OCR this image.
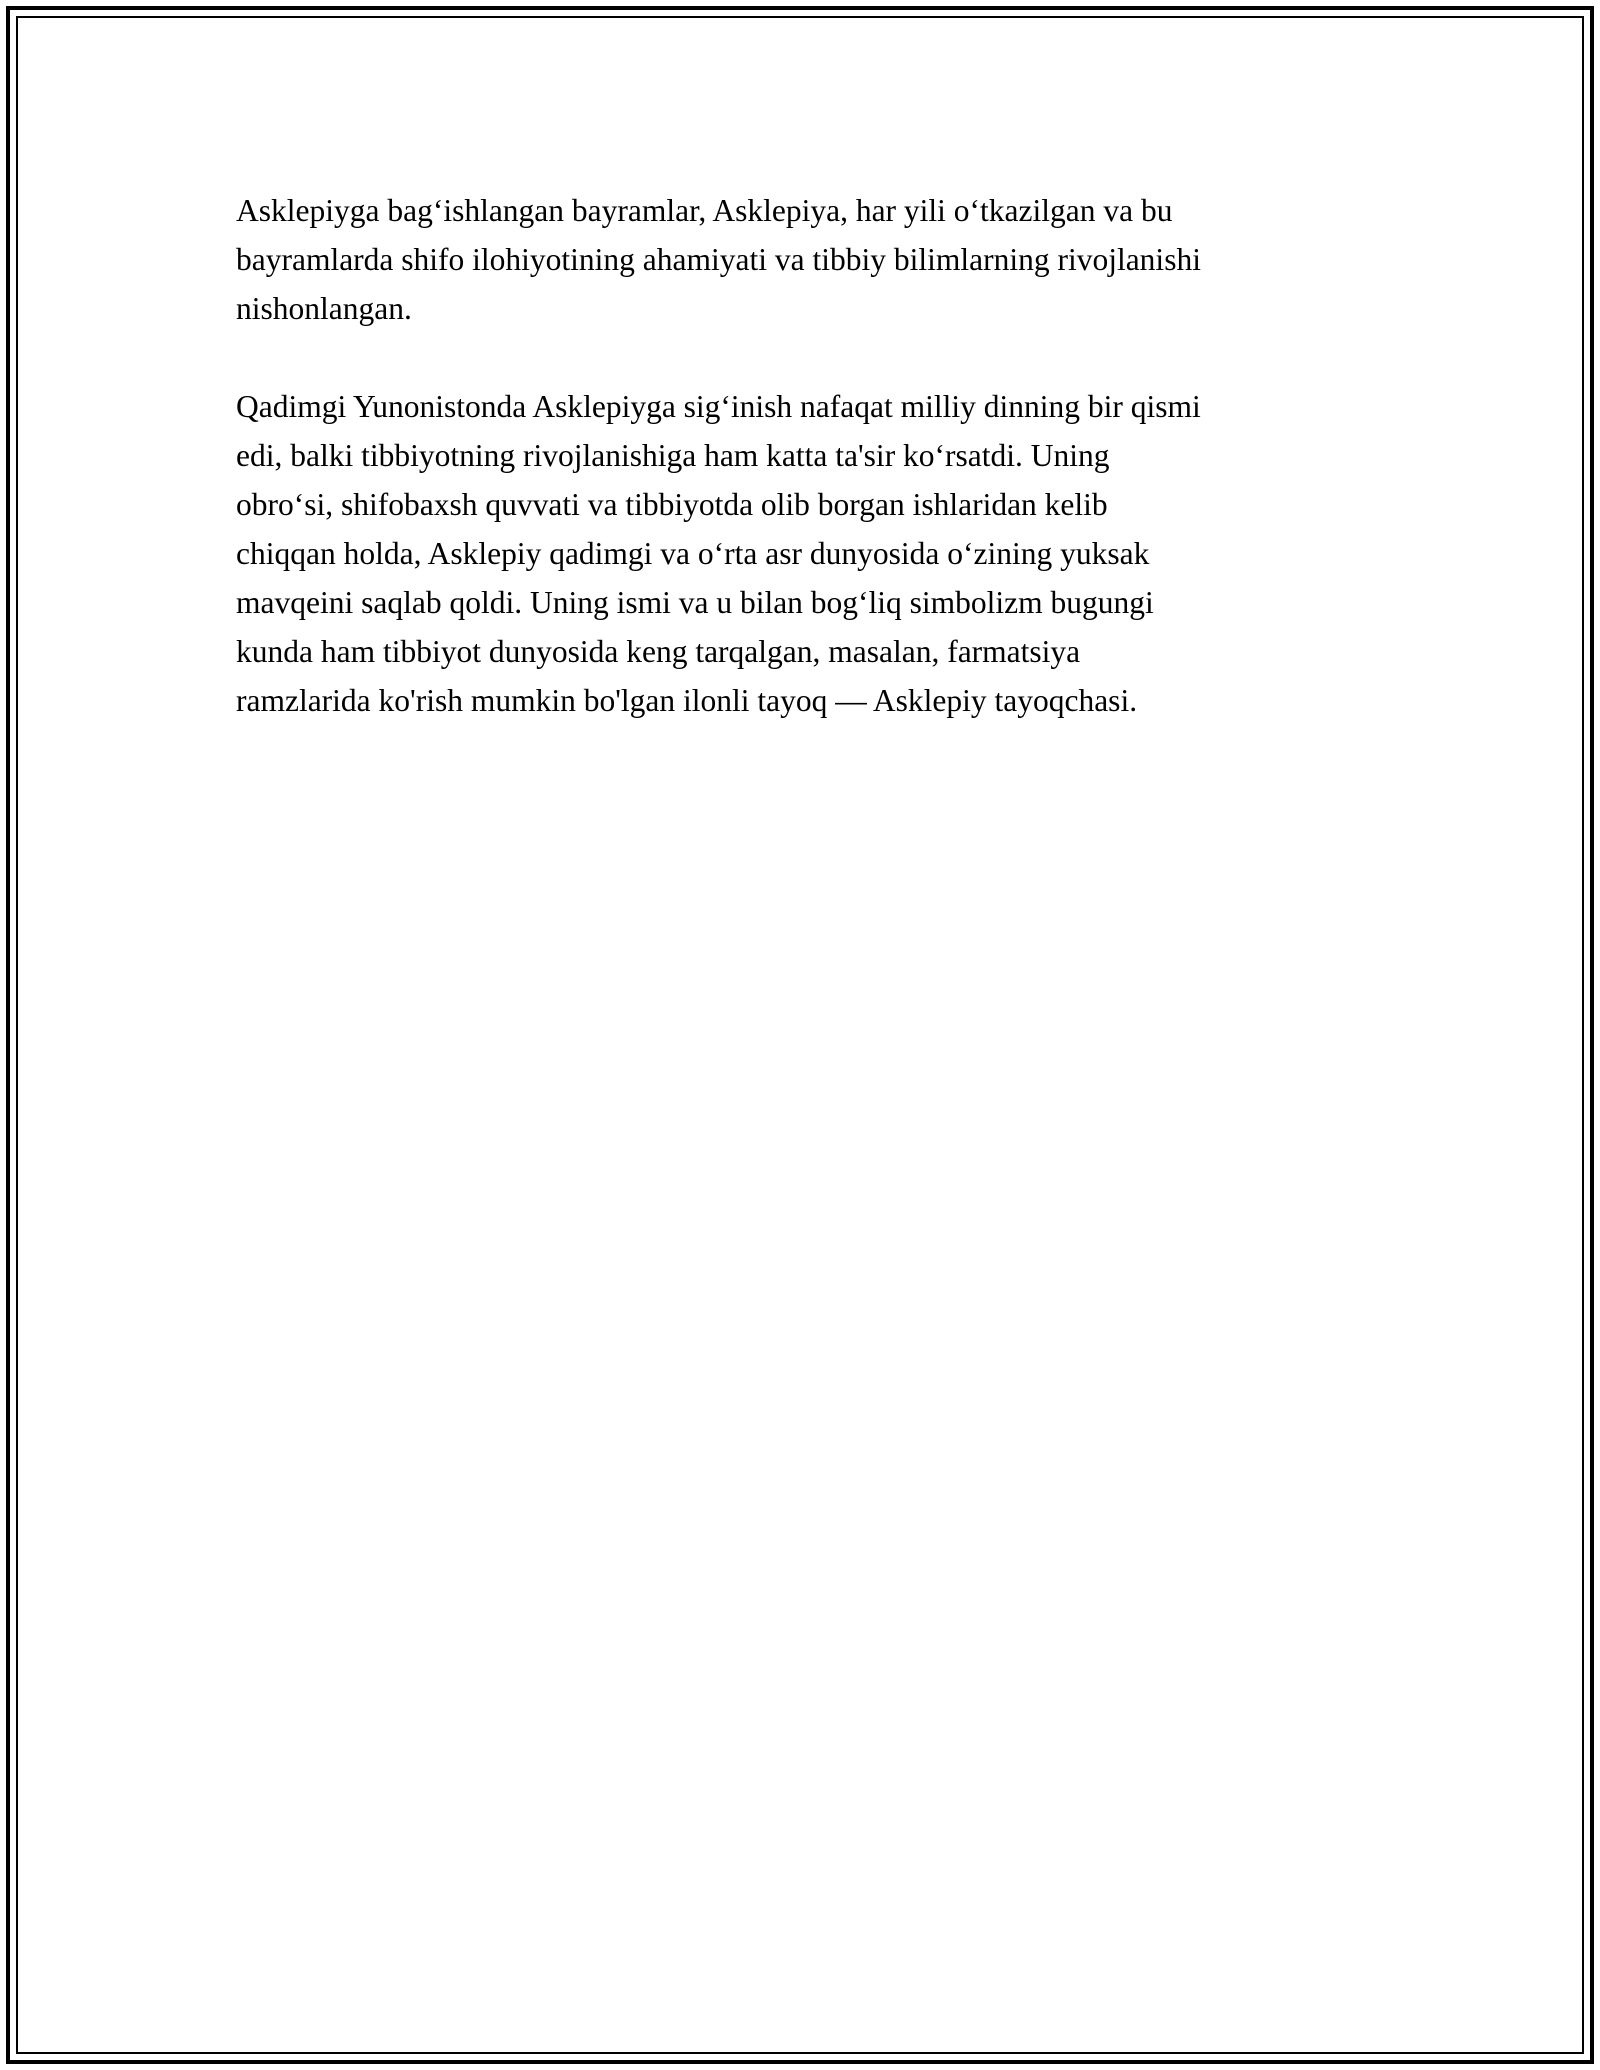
Asklepiyga bag‘ishlangan bayramlar, Asklepiya, har yili o‘tkazilgan va bu
bayramlarda shifo ilohiyotining ahamiyati va tibbiy bilimlarning rivojlanishi
nishonlangan.

Qadimgi Yunonistonda Asklepiyga sig‘inish nafaqat milliy dinning bir qismi
edi, balki tibbiyotning rivojlanishiga ham katta ta'sir ko‘rsatdi. Uning
obro‘si, shifobaxsh quvvati va tibbiyotda olib borgan ishlaridan kelib
chiqqan holda, Asklepiy qadimgi va o‘rta asr dunyosida o‘zining yuksak
mavqeini saqlab qoldi. Uning ismi va u bilan bog‘liq simbolizm bugungi
kunda ham tibbiyot dunyosida keng tarqalgan, masalan, farmatsiya
ramzlarida ko'rish mumkin bo'lgan ilonli tayoq — Asklepiy tayoqchasi.
